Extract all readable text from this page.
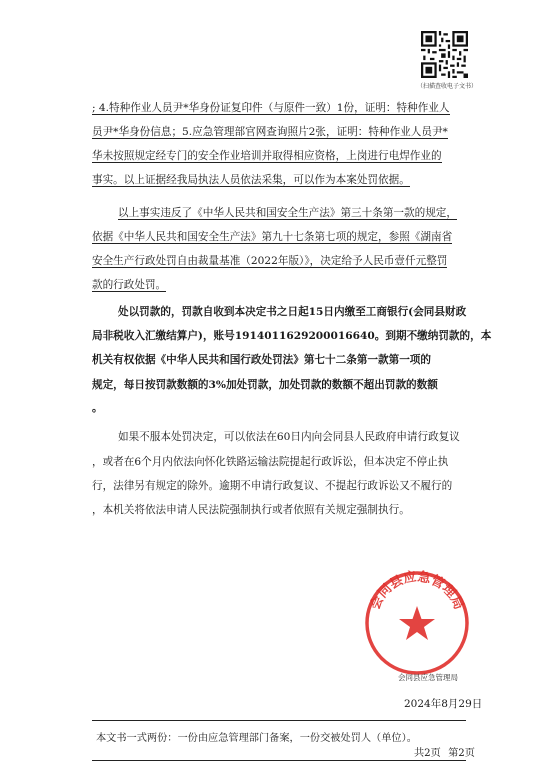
（扫描查收电子文书）
; 4.特种作业人员尹*华身份证复印件（与原件一致）1份，证明：特种作业人
员尹*华身份信息；5.应急管理部官网查询照片2张，证明：特种作业人员尹*
华未按照规定经专门的安全作业培训并取得相应资格，上岗进行电焊作业的
事实。以上证据经我局执法人员依法采集，可以作为本案处罚依据。
以上事实违反了《中华人民共和国安全生产法》第三十条第一款的规定，
依据《中华人民共和国安全生产法》第九十七条第七项的规定，参照《湖南省
安全生产行政处罚自由裁量基准（2022年版）》，决定给予人民币壹仟元整罚
款的行政处罚。
处以罚款的，罚款自收到本决定书之日起15日内缴至工商银行(会同县财政
局非税收入汇缴结算户)，账号1914011629200016640。到期不缴纳罚款的，本
机关有权依据《中华人民共和国行政处罚法》第七十二条第一款第一项的
规定，每日按罚款数额的3%加处罚款，加处罚款的数额不超出罚款的数额
。
如果不服本处罚决定，可以依法在60日内向会同县人民政府申请行政复议
，或者在6个月内依法向怀化铁路运输法院提起行政诉讼，但本决定不停止执
行，法律另有规定的除外。逾期不申请行政复议、不提起行政诉讼又不履行的
，本机关将依法申请人民法院强制执行或者依照有关规定强制执行。
会同县应急管理局
会同县应急管理局
2024年8月29日
本文书一式两份：一份由应急管理部门备案，一份交被处罚人（单位）。
共2页 第2页
